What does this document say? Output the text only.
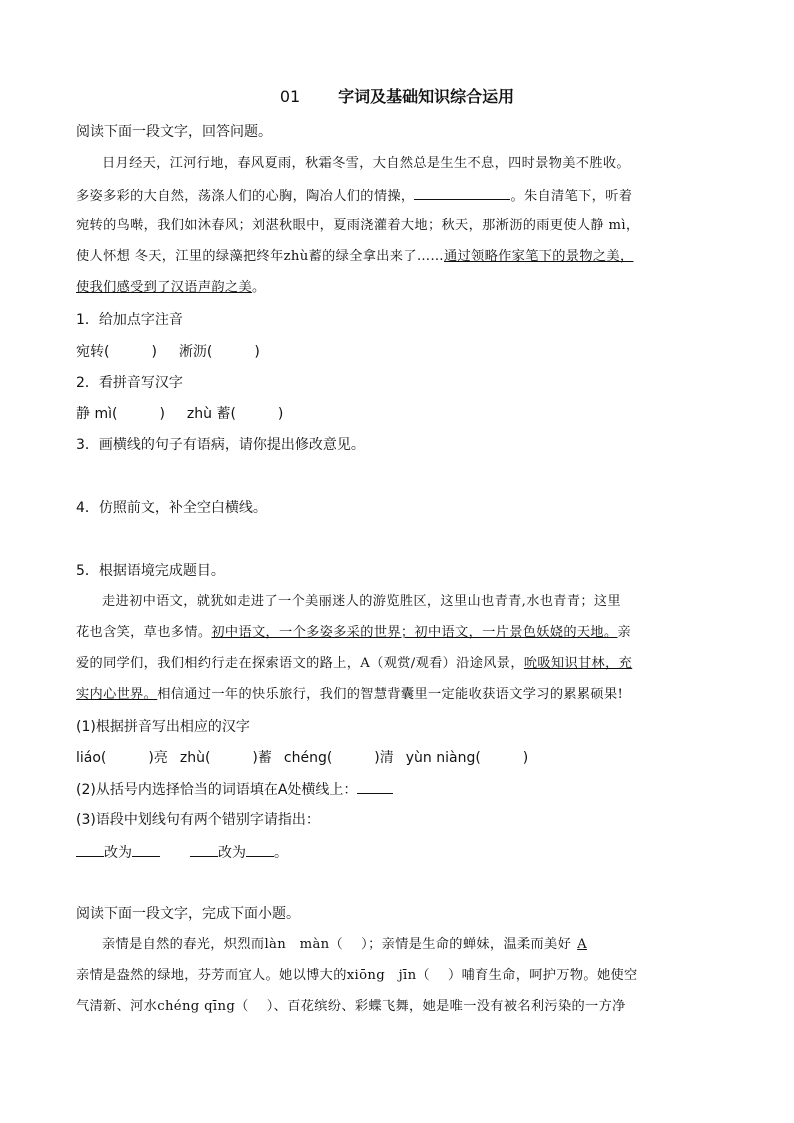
01 字词及基础知识综合运用
阅读下面一段文字，回答问题。
日月经天，江河行地，春风夏雨，秋霜冬雪，大自然总是生生不息，四时景物美不胜收。
多姿多彩的大自然，荡涤人们的心胸，陶冶人们的情操，	。朱自清笔下，听着
宛转的鸟啭，我们如沐春风；刘湛秋眼中，夏雨浇灌着大地；秋天，那淅沥的雨更使人静 mì，
使人怀想 冬天，江里的绿藻把终年zhù蓄的绿全拿出来了……通过领略作家笔下的景物之美，
使我们感受到了汉语声韵之美。
1．给加点字注音
宛转(　　　) 淅沥(　　　)
2．看拼音写汉字
静 mì(　　　) zhù 蓄(　　　)
3．画横线的句子有语病，请你提出修改意见。
4．仿照前文，补全空白横线。
5．根据语境完成题目。
走进初中语文，就犹如走进了一个美丽迷人的游览胜区，这里山也青青,水也青青；这里
花也含笑，草也多情。初中语文，一个多姿多采的世界；初中语文，一片景色妖娆的天地。亲
爱的同学们，我们相约行走在探索语文的路上，A（观赏/观看）沿途风景，吮吸知识甘林，充
实内心世界。相信通过一年的快乐旅行，我们的智慧背囊里一定能收获语文学习的累累硕果!
(1)根据拼音写出相应的汉字
liáo(　　　)亮 zhù(　　　)蓄 chéng(　　　)清 yùn niàng(　　　)
(2)从括号内选择恰当的词语填在A处横线上：
(3)语段中划线句有两个错别字请指出：
改为	改为 。
阅读下面一段文字，完成下面小题。
亲情是自然的春光，炽烈而làn　màn（　 ）；亲情是生命的蝉妹，温柔而美好 A
亲情是盎然的绿地，芬芳而宜人。她以博大的xiōng　jīn（　 ）哺育生命，呵护万物。她使空
气清新、河水chéng qīng（　 ）、百花缤纷、彩蝶飞舞，她是唯一没有被名利污染的一方净
